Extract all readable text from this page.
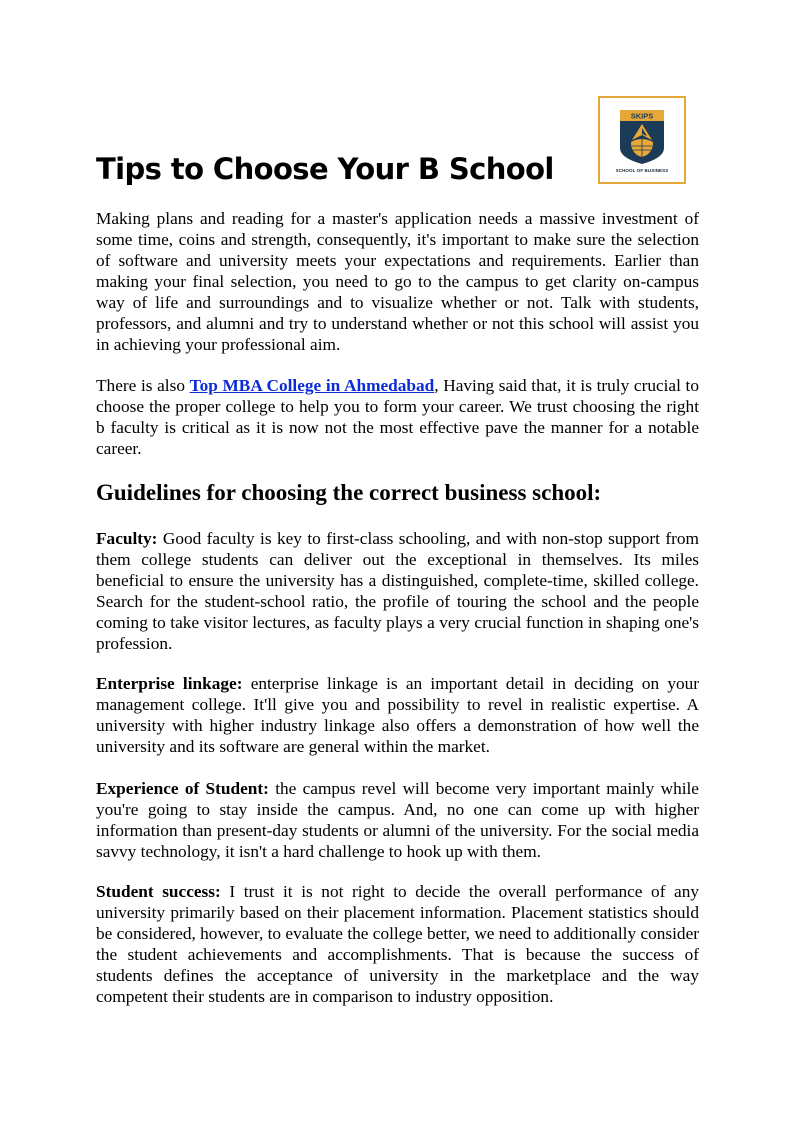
SKIPS
SCHOOL OF BUSINESS
Tips to Choose Your B School

Making plans and reading for a master's application needs a massive investment of some time, coins and strength, consequently, it's important to make sure the selection of software and university meets your expectations and requirements. Earlier than making your final selection, you need to go to the campus to get clarity on-campus way of life and surroundings and to visualize whether or not. Talk with students, professors, and alumni and try to understand whether or not this school will assist you in achieving your professional aim.

There is also Top MBA College in Ahmedabad, Having said that, it is truly crucial to choose the proper college to help you to form your career. We trust choosing the right b faculty is critical as it is now not the most effective pave the manner for a notable career.

Guidelines for choosing the correct business school:

Faculty: Good faculty is key to first-class schooling, and with non-stop support from them college students can deliver out the exceptional in themselves. Its miles beneficial to ensure the university has a distinguished, complete-time, skilled college. Search for the student-school ratio, the profile of touring the school and the people coming to take visitor lectures, as faculty plays a very crucial function in shaping one's profession.

Enterprise linkage: enterprise linkage is an important detail in deciding on your management college. It'll give you and possibility to revel in realistic expertise. A university with higher industry linkage also offers a demonstration of how well the university and its software are general within the market.

Experience of Student: the campus revel will become very important mainly while you're going to stay inside the campus. And, no one can come up with higher information than present-day students or alumni of the university. For the social media savvy technology, it isn't a hard challenge to hook up with them.

Student success: I trust it is not right to decide the overall performance of any university primarily based on their placement information. Placement statistics should be considered, however, to evaluate the college better, we need to additionally consider the student achievements and accomplishments. That is because the success of students defines the acceptance of university in the marketplace and the way competent their students are in comparison to industry opposition.
